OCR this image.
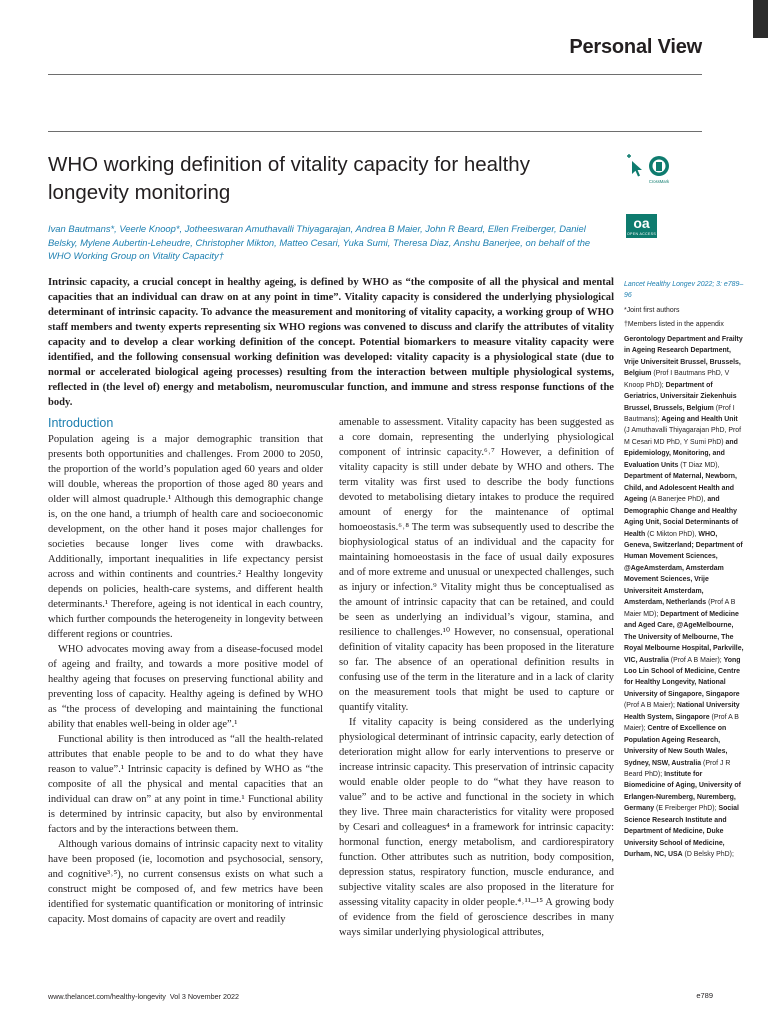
Personal View
WHO working definition of vitality capacity for healthy longevity monitoring
Ivan Bautmans*, Veerle Knoop*, Jotheeswaran Amuthavalli Thiyagarajan, Andrea B Maier, John R Beard, Ellen Freiberger, Daniel Belsky, Mylene Aubertin-Leheudre, Christopher Mikton, Matteo Cesari, Yuka Sumi, Theresa Diaz, Anshu Banerjee, on behalf of the WHO Working Group on Vitality Capacity†
CrossMark
oa
OPEN ACCESS

Intrinsic capacity, a crucial concept in healthy ageing, is defined by WHO as “the composite of all the physical and mental capacities that an individual can draw on at any point in time”. Vitality capacity is considered the underlying physiological determinant of intrinsic capacity. To advance the measurement and monitoring of vitality capacity, a working group of WHO staff members and twenty experts representing six WHO regions was convened to discuss and clarify the attributes of vitality capacity and to develop a clear working definition of the concept. Potential biomarkers to measure vitality capacity were identified, and the following consensual working definition was developed: vitality capacity is a physiological state (due to normal or accelerated biological ageing processes) resulting from the interaction between multiple physiological systems, reflected in (the level of) energy and metabolism, neuromuscular function, and immune and stress response functions of the body.

Lancet Healthy Longev 2022; 3: e789–96

*Joint first authors

†Members listed in the appendix

Gerontology Department and Frailty in Ageing Research Department, Vrije Universiteit Brussel, Brussels, Belgium (Prof I Bautmans PhD, V Knoop PhD); Department of Geriatrics, Universitair Ziekenhuis Brussel, Brussels, Belgium (Prof I Bautmans); Ageing and Health Unit (J Amuthavalli Thiyagarajan PhD, Prof M Cesari MD PhD, Y Sumi PhD) and Epidemiology, Monitoring, and Evaluation Units (T Diaz MD), Department of Maternal, Newborn, Child, and Adolescent Health and Ageing (A Banerjee PhD), and Demographic Change and Healthy Aging Unit, Social Determinants of Health (C Mikton PhD), WHO, Geneva, Switzerland; Department of Human Movement Sciences, @AgeAmsterdam, Amsterdam Movement Sciences, Vrije Universiteit Amsterdam, Amsterdam, Netherlands (Prof A B Maier MD); Department of Medicine and Aged Care, @AgeMelbourne, The University of Melbourne, The Royal Melbourne Hospital, Parkville, VIC, Australia (Prof A B Maier); Yong Loo Lin School of Medicine, Centre for Healthy Longevity, National University of Singapore, Singapore (Prof A B Maier); National University Health System, Singapore (Prof A B Maier); Centre of Excellence on Population Ageing Research, University of New South Wales, Sydney, NSW, Australia (Prof J R Beard PhD); Institute for Biomedicine of Aging, University of Erlangen-Nuremberg, Nuremberg, Germany (E Freiberger PhD); Social Science Research Institute and Department of Medicine, Duke University School of Medicine, Durham, NC, USA (D Belsky PhD);

Introduction

Population ageing is a major demographic transition that presents both opportunities and challenges. From 2000 to 2050, the proportion of the world’s population aged 60 years and older will double, whereas the proportion of those aged 80 years and older will almost quadruple.¹ Although this demographic change is, on the one hand, a triumph of health care and socioeconomic development, on the other hand it poses major challenges for societies because longer lives come with drawbacks. Additionally, important inequalities in life expectancy persist across and within continents and countries.² Healthy longevity depends on policies, health-care systems, and different health determinants.¹ Therefore, ageing is not identical in each country, which further compounds the heterogeneity in longevity between different regions or countries.

WHO advocates moving away from a disease-focused model of ageing and frailty, and towards a more positive model of healthy ageing that focuses on preserving functional ability and preventing loss of capacity. Healthy ageing is defined by WHO as “the process of developing and maintaining the functional ability that enables well-being in older age”.¹

Functional ability is then introduced as “all the health-related attributes that enable people to be and to do what they have reason to value”.¹ Intrinsic capacity is defined by WHO as “the composite of all the physical and mental capacities that an individual can draw on” at any point in time.¹ Functional ability is determined by intrinsic capacity, but also by environmental factors and by the interactions between them.

Although various domains of intrinsic capacity next to vitality have been proposed (ie, locomotion and psychosocial, sensory, and cognitive³˒⁵), no current consensus exists on what such a construct might be composed of, and few metrics have been identified for systematic quantification or monitoring of intrinsic capacity. Most domains of capacity are overt and readily

amenable to assessment. Vitality capacity has been suggested as a core domain, representing the underlying physiological component of intrinsic capacity.⁶˒⁷ However, a definition of vitality capacity is still under debate by WHO and others. The term vitality was first used to describe the body functions devoted to metabolising dietary intakes to produce the required amount of energy for the maintenance of optimal homoeostasis.⁶˒⁸ The term was subsequently used to describe the biophysiological status of an individual and the capacity for maintaining homoeostasis in the face of usual daily exposures and of more extreme and unusual or unexpected challenges, such as injury or infection.⁹ Vitality might thus be conceptualised as the amount of intrinsic capacity that can be retained, and could be seen as underlying an individual’s vigour, stamina, and resilience to challenges.¹⁰ However, no consensual, operational definition of vitality capacity has been proposed in the literature so far. The absence of an operational definition results in confusing use of the term in the literature and in a lack of clarity on the measurement tools that might be used to capture or quantify vitality.

If vitality capacity is being considered as the underlying physiological determinant of intrinsic capacity, early detection of deterioration might allow for early interventions to preserve or increase intrinsic capacity. This preservation of intrinsic capacity would enable older people to do “what they have reason to value” and to be active and functional in the society in which they live. Three main characteristics for vitality were proposed by Cesari and colleagues⁴ in a framework for intrinsic capacity: hormonal function, energy metabolism, and cardiorespiratory function. Other attributes such as nutrition, body composition, depression status, respiratory function, muscle endurance, and subjective vitality scales are also proposed in the literature for assessing vitality capacity in older people.⁴˒¹¹–¹⁵ A growing body of evidence from the field of geroscience describes in many ways similar underlying physiological attributes,

www.thelancet.com/healthy-longevity Vol 3 November 2022	e789
